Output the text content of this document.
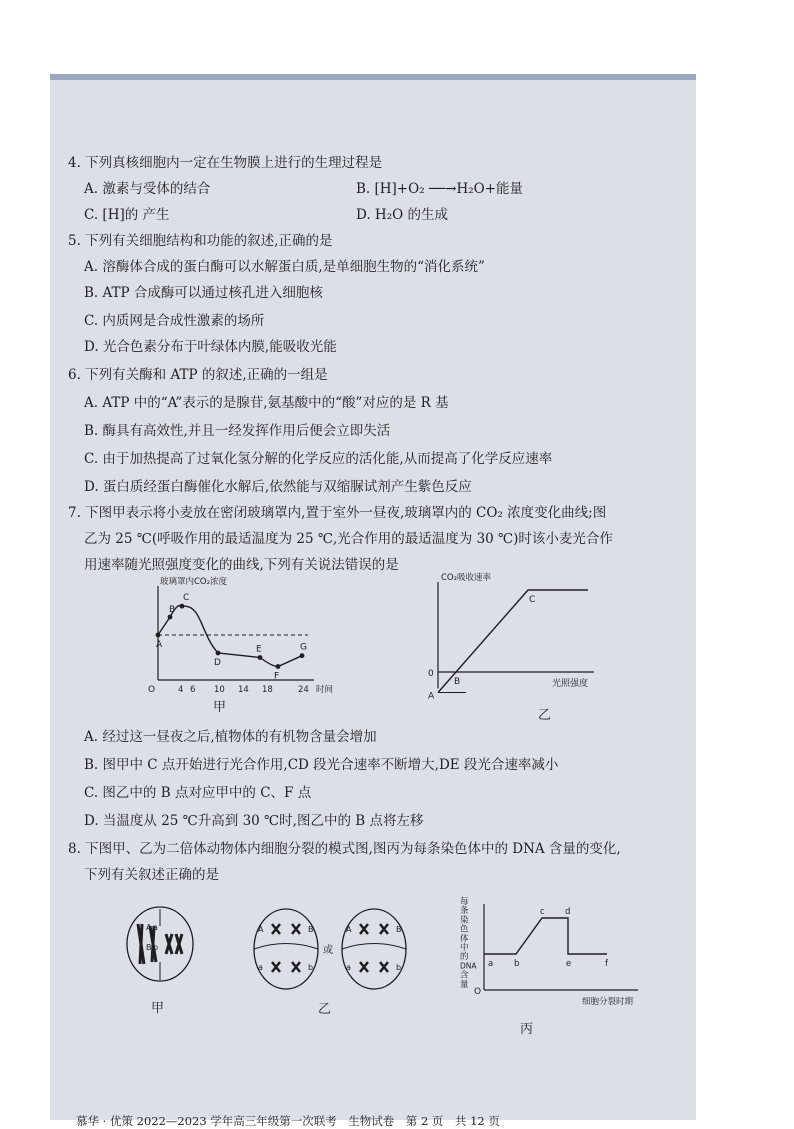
4. 下列真核细胞内一定在生物膜上进行的生理过程是
A. 激素与受体的结合	B. [H]+O₂ ──→H₂O+能量
C. [H]的 产生	D. H₂O 的生成
5. 下列有关细胞结构和功能的叙述,正确的是
A. 溶酶体合成的蛋白酶可以水解蛋白质,是单细胞生物的“消化系统”
B. ATP 合成酶可以通过核孔进入细胞核
C. 内质网是合成性激素的场所
D. 光合色素分布于叶绿体内膜,能吸收光能
6. 下列有关酶和 ATP 的叙述,正确的一组是
A. ATP 中的“A”表示的是腺苷,氨基酸中的“酸”对应的是 R 基
B. 酶具有高效性,并且一经发挥作用后便会立即失活
C. 由于加热提高了过氧化氢分解的化学反应的活化能,从而提高了化学反应速率
D. 蛋白质经蛋白酶催化水解后,依然能与双缩脲试剂产生紫色反应
7. 下图甲表示将小麦放在密闭玻璃罩内,置于室外一昼夜,玻璃罩内的 CO₂ 浓度变化曲线;图
乙为 25 ℃(呼吸作用的最适温度为 25 ℃,光合作用的最适温度为 30 ℃)时该小麦光合作
用速率随光照强度变化的曲线,下列有关说法错误的是
玻璃罩内CO₂浓度
时间
O	4 6 10 14 18	24
A
B
C
D
E
F
G
甲
CO₂吸收速率
光照强度
0
A
B
C
乙
A. 经过这一昼夜之后,植物体的有机物含量会增加
B. 图甲中 C 点开始进行光合作用,CD 段光合速率不断增大,DE 段光合速率减小
C. 图乙中的 B 点对应甲中的 C、F 点
D. 当温度从 25 ℃升高到 30 ℃时,图乙中的 B 点将左移
8. 下图甲、乙为二倍体动物体内细胞分裂的模式图,图丙为每条染色体中的 DNA 含量的变化,
下列有关叙述正确的是
A a
B b
甲
A	B
a	b
或
A	B
a	b
乙
每
条
染
色
体
中
的
DNA
含
量
O
细胞分裂时期
a b
c d
e	f
丙
慕华 · 优策 2022—2023 学年高三年级第一次联考　生物试卷　第 2 页　共 12 页
